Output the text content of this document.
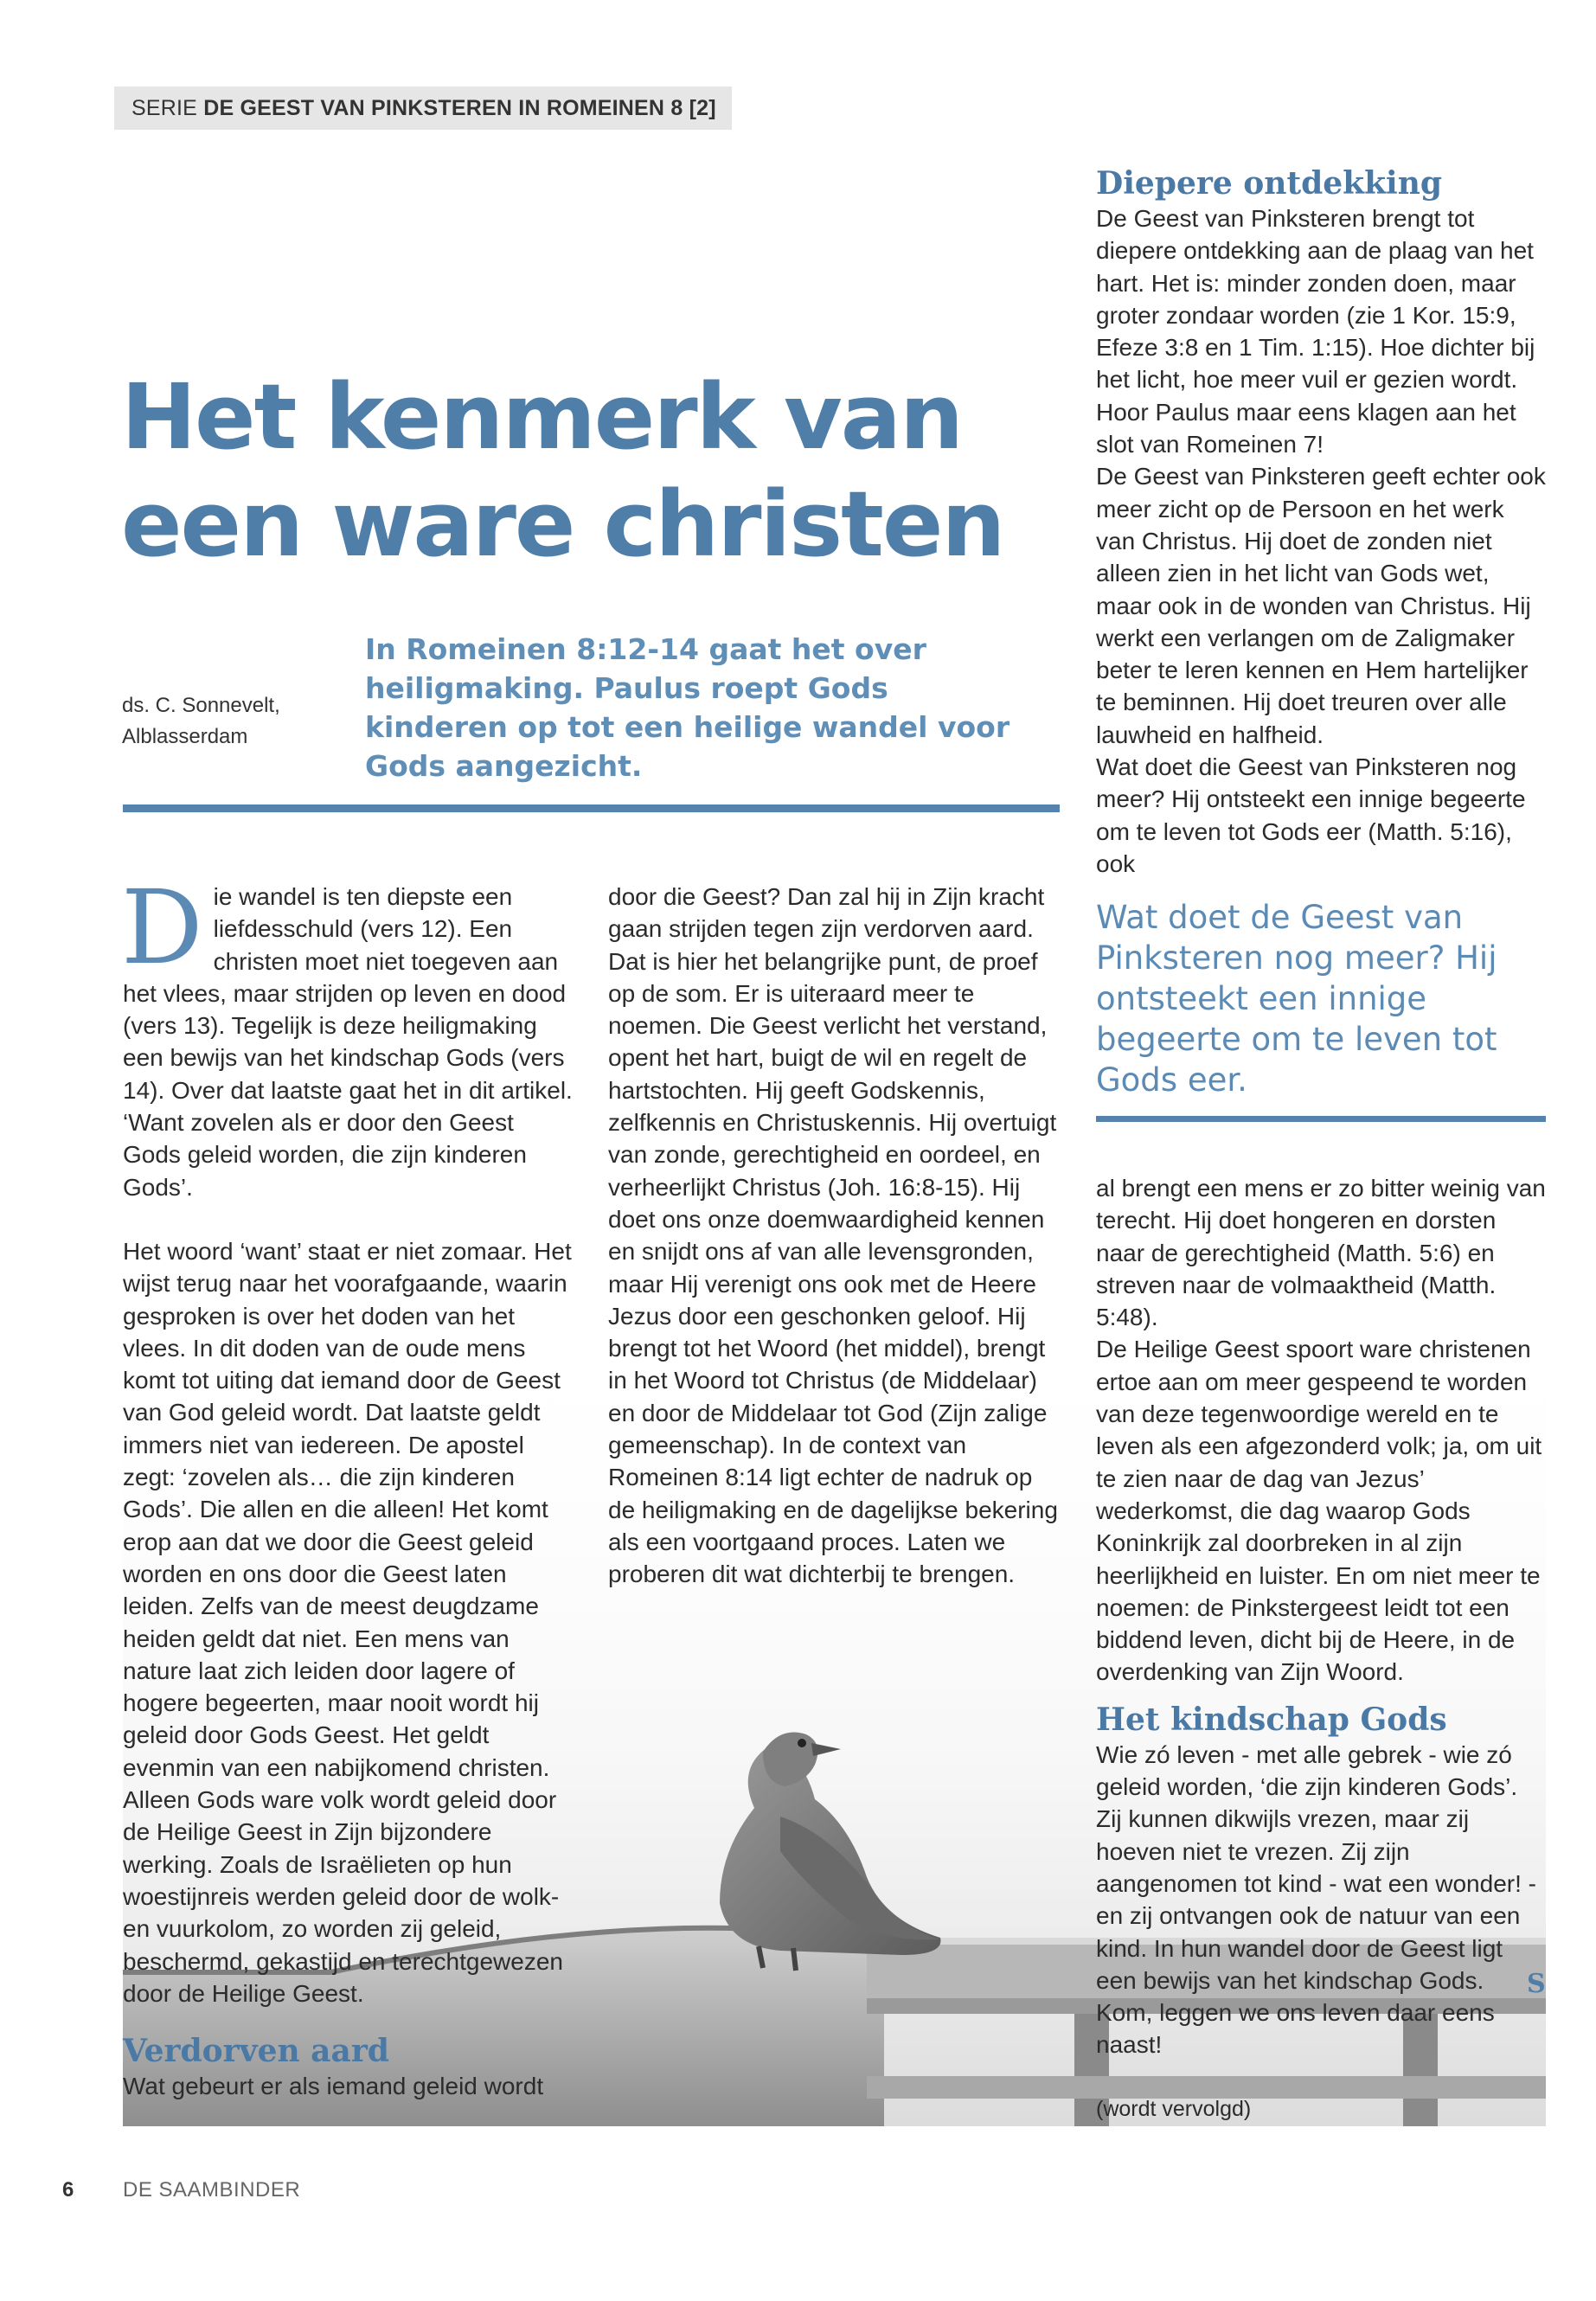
SERIE DE GEEST VAN PINKSTEREN IN ROMEINEN 8 [2]
Het kenmerk van
een ware christen
ds. C. Sonnevelt,
Alblasserdam
In Romeinen 8:12-14 gaat het over heiligmaking. Paulus roept Gods kinderen op tot een heilige wandel voor Gods aangezicht.

Die wandel is ten diepste een liefdesschuld (vers 12). Een christen moet niet toegeven aan het vlees, maar strijden op leven en dood (vers 13). Tegelijk is deze heiligmaking een bewijs van het kindschap Gods (vers 14). Over dat laatste gaat het in dit artikel. ‘Want zovelen als er door den Geest Gods geleid worden, die zijn kinderen Gods’.

Het woord ‘want’ staat er niet zomaar. Het wijst terug naar het voorafgaande, waarin gesproken is over het doden van het vlees. In dit doden van de oude mens komt tot uiting dat iemand door de Geest van God geleid wordt. Dat laatste geldt immers niet van iedereen. De apostel zegt: ‘zovelen als… die zijn kinderen Gods’. Die allen en die alleen! Het komt erop aan dat we door die Geest geleid worden en ons door die Geest laten leiden. Zelfs van de meest deugdzame heiden geldt dat niet. Een mens van nature laat zich leiden door lagere of hogere begeerten, maar nooit wordt hij geleid door Gods Geest. Het geldt evenmin van een nabijkomend christen. Alleen Gods ware volk wordt geleid door de Heilige Geest in Zijn bijzondere werking. Zoals de Israëlieten op hun woestijnreis werden geleid door de wolk- en vuurkolom, zo worden zij geleid, beschermd, gekastijd en terechtgewezen door de Heilige Geest.

Verdorven aard

Wat gebeurt er als iemand geleid wordt

door die Geest? Dan zal hij in Zijn kracht gaan strijden tegen zijn verdorven aard. Dat is hier het belangrijke punt, de proef op de som. Er is uiteraard meer te noemen. Die Geest verlicht het verstand, opent het hart, buigt de wil en regelt de hartstochten. Hij geeft Godskennis, zelfkennis en Christuskennis. Hij overtuigt van zonde, gerechtigheid en oordeel, en verheerlijkt Christus (Joh. 16:8-15). Hij doet ons onze doemwaardigheid kennen en snijdt ons af van alle levensgronden, maar Hij verenigt ons ook met de Heere Jezus door een geschonken geloof. Hij brengt tot het Woord (het middel), brengt in het Woord tot Christus (de Middelaar) en door de Middelaar tot God (Zijn zalige gemeenschap). In de context van Romeinen 8:14 ligt echter de nadruk op de heiligmaking en de dagelijkse bekering als een voortgaand proces. Laten we proberen dit wat dichterbij te brengen.

Diepere ontdekking

De Geest van Pinksteren brengt tot diepere ontdekking aan de plaag van het hart. Het is: minder zonden doen, maar groter zondaar worden (zie 1 Kor. 15:9, Efeze 3:8 en 1 Tim. 1:15). Hoe dichter bij het licht, hoe meer vuil er gezien wordt. Hoor Paulus maar eens klagen aan het slot van Romeinen 7!

De Geest van Pinksteren geeft echter ook meer zicht op de Persoon en het werk van Christus. Hij doet de zonden niet alleen zien in het licht van Gods wet, maar ook in de wonden van Christus. Hij werkt een verlangen om de Zaligmaker beter te leren kennen en Hem hartelijker te beminnen. Hij doet treuren over alle lauwheid en halfheid.

Wat doet die Geest van Pinksteren nog meer? Hij ontsteekt een innige begeerte om te leven tot Gods eer (Matth. 5:16), ook

Wat doet de Geest van Pinksteren nog meer? Hij ontsteekt een innige begeerte om te leven tot Gods eer.

al brengt een mens er zo bitter weinig van terecht. Hij doet hongeren en dorsten naar de gerechtigheid (Matth. 5:6) en streven naar de volmaaktheid (Matth. 5:48).

De Heilige Geest spoort ware christenen ertoe aan om meer gespeend te worden van deze tegenwoordige wereld en te leven als een afgezonderd volk; ja, om uit te zien naar de dag van Jezus’ wederkomst, die dag waarop Gods Koninkrijk zal doorbreken in al zijn heerlijkheid en luister. En om niet meer te noemen: de Pinkstergeest leidt tot een biddend leven, dicht bij de Heere, in de overdenking van Zijn Woord.

Het kindschap Gods

Wie zó leven - met alle gebrek - wie zó geleid worden, ‘die zijn kinderen Gods’.

Zij kunnen dikwijls vrezen, maar zij hoeven niet te vrezen. Zij zijn aangenomen tot kind - wat een wonder! - en zij ontvangen ook de natuur van een kind. In hun wandel door de Geest ligt een bewijs van het kindschap Gods.

Kom, leggen we ons leven daar eens naast!

(wordt vervolgd)

S
6 DE SAAMBINDER
